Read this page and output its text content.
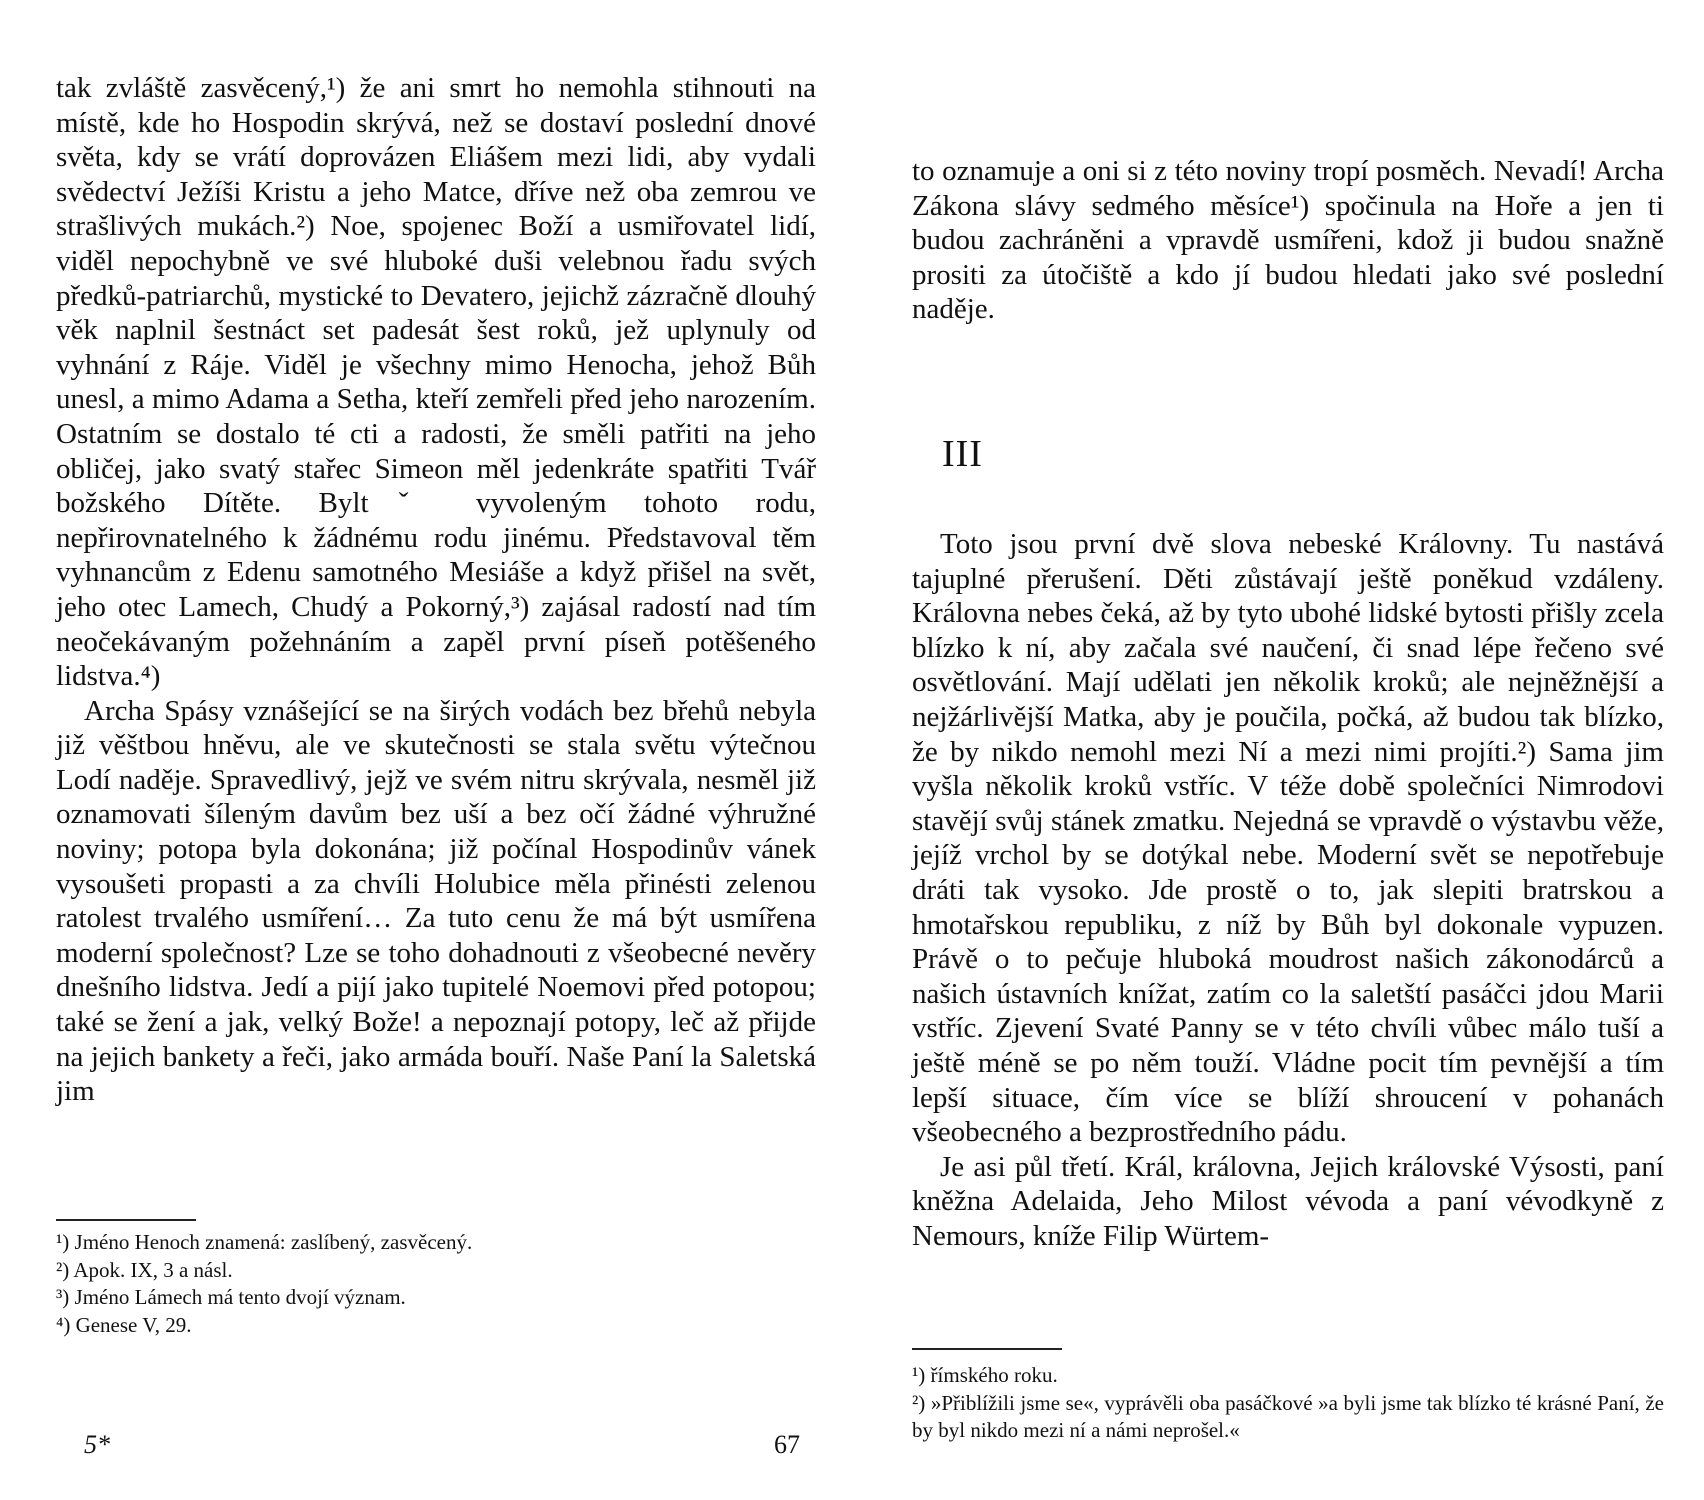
tak zvláště zasvěcený,¹) že ani smrt ho nemohla stihnouti na místě, kde ho Hospodin skrývá, než se dostaví poslední dnové světa, kdy se vrátí doprovázen Eliášem mezi lidi, aby vydali svědectví Ježíši Kristu a jeho Matce, dříve než oba zemrou ve strašlivých mukách.²) Noe, spojenec Boží a usmiřovatel lidí, viděl nepochybně ve své hluboké duši velebnou řadu svých předků-patriarchů, mystické to Devatero, jejichž zázračně dlouhý věk naplnil šestnáct set padesát šest roků, jež uplynuly od vyhnání z Ráje. Viděl je všechny mimo Henocha, jehož Bůh unesl, a mimo Adama a Setha, kteří zemřeli před jeho narozením. Ostatním se dostalo té cti a radosti, že směli patřiti na jeho obličej, jako svatý stařec Simeon měl jedenkráte spatřiti Tvář božského Dítěte. Byltˇ vyvoleným tohoto rodu, nepřirovnatelného k žádnému rodu jinému. Představoval těm vyhnancům z Edenu samotného Mesiáše a když přišel na svět, jeho otec Lamech, Chudý a Pokorný,³) zajásal radostí nad tím neočekávaným požehnáním a zapěl první píseň potěšeného lidstva.⁴)

Archa Spásy vznášející se na širých vodách bez břehů nebyla již věštbou hněvu, ale ve skutečnosti se stala světu výtečnou Lodí naděje. Spravedlivý, jejž ve svém nitru skrývala, nesměl již oznamovati šíleným davům bez uší a bez očí žádné výhružné noviny; potopa byla dokonána; již počínal Hospodinův vánek vysoušeti propasti a za chvíli Holubice měla přinésti zelenou ratolest trvalého usmíření… Za tuto cenu že má být usmířena moderní společnost? Lze se toho dohadnouti z všeobecné nevěry dnešního lidstva. Jedí a pijí jako tupitelé Noemovi před potopou; také se žení a jak, velký Bože! a nepoznají potopy, leč až přijde na jejich bankety a řeči, jako armáda bouří. Naše Paní la Saletská jim

¹) Jméno Henoch znamená: zaslíbený, zasvěcený.
²) Apok. IX, 3 a násl.
³) Jméno Lámech má tento dvojí význam.
⁴) Genese V, 29.
5*	67

to oznamuje a oni si z této noviny tropí posměch. Nevadí! Archa Zákona slávy sedmého měsíce¹) spočinula na Hoře a jen ti budou zachráněni a vpravdě usmířeni, kdož ji budou snažně prositi za útočiště a kdo jí budou hledati jako své poslední naděje.

III

Toto jsou první dvě slova nebeské Královny. Tu nastává tajuplné přerušení. Děti zůstávají ještě poněkud vzdáleny. Královna nebes čeká, až by tyto ubohé lidské bytosti přišly zcela blízko k ní, aby začala své naučení, či snad lépe řečeno své osvětlování. Mají udělati jen několik kroků; ale nejněžnější a nejžárlivější Matka, aby je poučila, počká, až budou tak blízko, že by nikdo nemohl mezi Ní a mezi nimi projíti.²) Sama jim vyšla několik kroků vstříc. V téže době společníci Nimrodovi stavějí svůj stánek zmatku. Nejedná se vpravdě o výstavbu věže, jejíž vrchol by se dotýkal nebe. Moderní svět se nepotřebuje dráti tak vysoko. Jde prostě o to, jak slepiti bratrskou a hmotařskou republiku, z níž by Bůh byl dokonale vypuzen. Právě o to pečuje hluboká moudrost našich zákonodárců a našich ústavních knížat, zatím co la saletští pasáčci jdou Marii vstříc. Zjevení Svaté Panny se v této chvíli vůbec málo tuší a ještě méně se po něm touží. Vládne pocit tím pevnější a tím lepší situace, čím více se blíží shroucení v pohanách všeobecného a bezprostředního pádu.

Je asi půl třetí. Král, královna, Jejich královské Výsosti, paní kněžna Adelaida, Jeho Milost vévoda a paní vévodkyně z Nemours, kníže Filip Würtem-

¹) římského roku.
²) »Přiblížili jsme se«, vyprávěli oba pasáčkové »a byli jsme tak blízko té krásné Paní, že by byl nikdo mezi ní a námi neprošel.«
